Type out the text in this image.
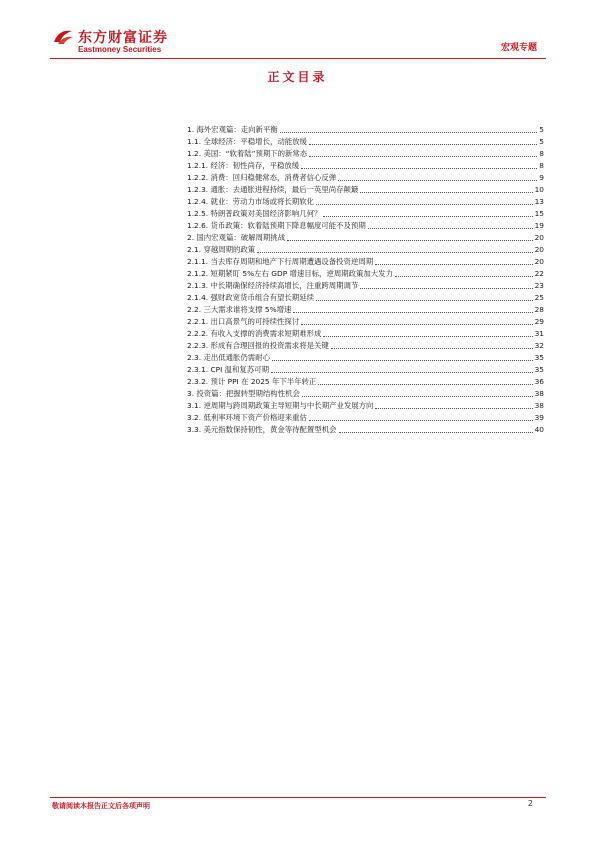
东方财富证券
Eastmoney Securities	宏观专题
正文目录
1. 海外宏观篇：走向新平衡	5
1.1. 全球经济：平稳增长，动能放缓	5
1.2. 美国：“软着陆”预期下的新常态	8
1.2.1. 经济：韧性尚存，平稳放缓	8
1.2.2. 消费：回归稳健常态，消费者信心反弹	9
1.2.3. 通胀：去通胀进程持续，最后一英里尚存颠簸	10
1.2.4. 就业：劳动力市场或将长期软化	13
1.2.5. 特朗普政策对美国经济影响几何？	15
1.2.6. 货币政策：软着陆预期下降息幅度可能不及预期	19
2. 国内宏观篇：破解周期挑战	20
2.1. 穿越周期的政策	20
2.1.1. 当去库存周期和地产下行周期遭遇设备投资逆周期	20
2.1.2. 短期紧盯 5%左右 GDP 增速目标，逆周期政策加大发力	22
2.1.3. 中长期确保经济持续高增长，注重跨周期调节	23
2.1.4. 强财政宽货币组合有望长期延续	25
2.2. 三大需求谁将支撑 5%增速	28
2.2.1. 出口高景气的可持续性探讨	29
2.2.2. 有收入支撑的消费需求短期难形成	31
2.2.3. 形成有合理回报的投资需求将是关键	32
2.3. 走出低通胀仍需耐心	35
2.3.1. CPI 温和复苏可期	35
2.3.2. 预计 PPI 在 2025 年下半年转正	36
3. 投资篇：把握转型期结构性机会	38
3.1. 逆周期与跨周期政策主导短期与中长期产业发展方向	38
3.2. 低利率环境下资产价格迎来重估	39
3.3. 美元指数保持韧性，黄金等待配置型机会	40
敬请阅读本报告正文后各项声明	2
